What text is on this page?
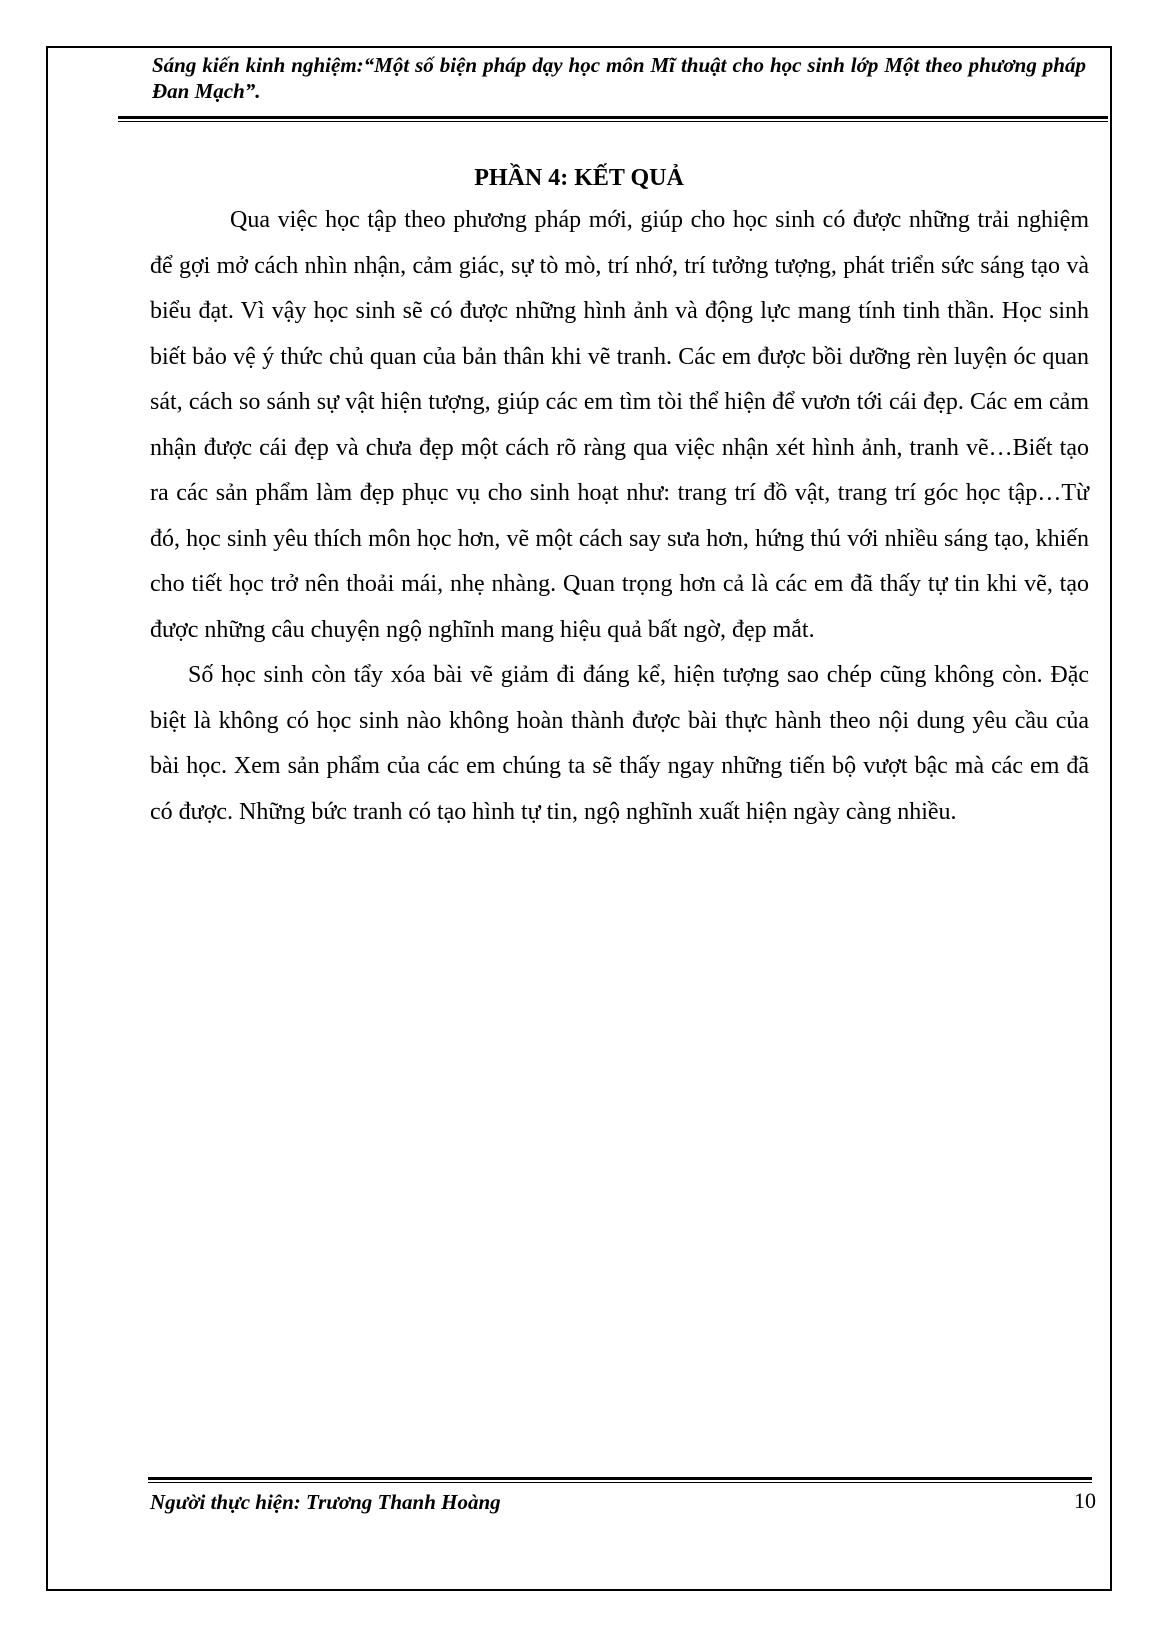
Sáng kiến kinh nghiệm:“Một số biện pháp dạy học môn Mĩ thuật cho học sinh lớp Một theo phương pháp Đan Mạch”.
PHẦN 4: KẾT QUẢ

Qua việc học tập theo phương pháp mới, giúp cho học sinh có được những trải nghiệm để gợi mở cách nhìn nhận, cảm giác, sự tò mò, trí nhớ, trí tưởng tượng, phát triển sức sáng tạo và biểu đạt. Vì vậy học sinh sẽ có được những hình ảnh và động lực mang tính tinh thần. Học sinh biết bảo vệ ý thức chủ quan của bản thân khi vẽ tranh. Các em được bồi dưỡng rèn luyện óc quan sát, cách so sánh sự vật hiện tượng, giúp các em tìm tòi thể hiện để vươn tới cái đẹp. Các em cảm nhận được cái đẹp và chưa đẹp một cách rõ ràng qua việc nhận xét hình ảnh, tranh vẽ…Biết tạo ra các sản phẩm làm đẹp phục vụ cho sinh hoạt như: trang trí đồ vật, trang trí góc học tập…Từ đó, học sinh yêu thích môn học hơn, vẽ một cách say sưa hơn, hứng thú với nhiều sáng tạo, khiến cho tiết học trở nên thoải mái, nhẹ nhàng. Quan trọng hơn cả là các em đã thấy tự tin khi vẽ, tạo được những câu chuyện ngộ nghĩnh mang hiệu quả bất ngờ, đẹp mắt.

Số học sinh còn tẩy xóa bài vẽ giảm đi đáng kể, hiện tượng sao chép cũng không còn. Đặc biệt là không có học sinh nào không hoàn thành được bài thực hành theo nội dung yêu cầu của bài học. Xem sản phẩm của các em chúng ta sẽ thấy ngay những tiến bộ vượt bậc mà các em đã có được. Những bức tranh có tạo hình tự tin, ngộ nghĩnh xuất hiện ngày càng nhiều.

Người thực hiện: Trương Thanh Hoàng	10
